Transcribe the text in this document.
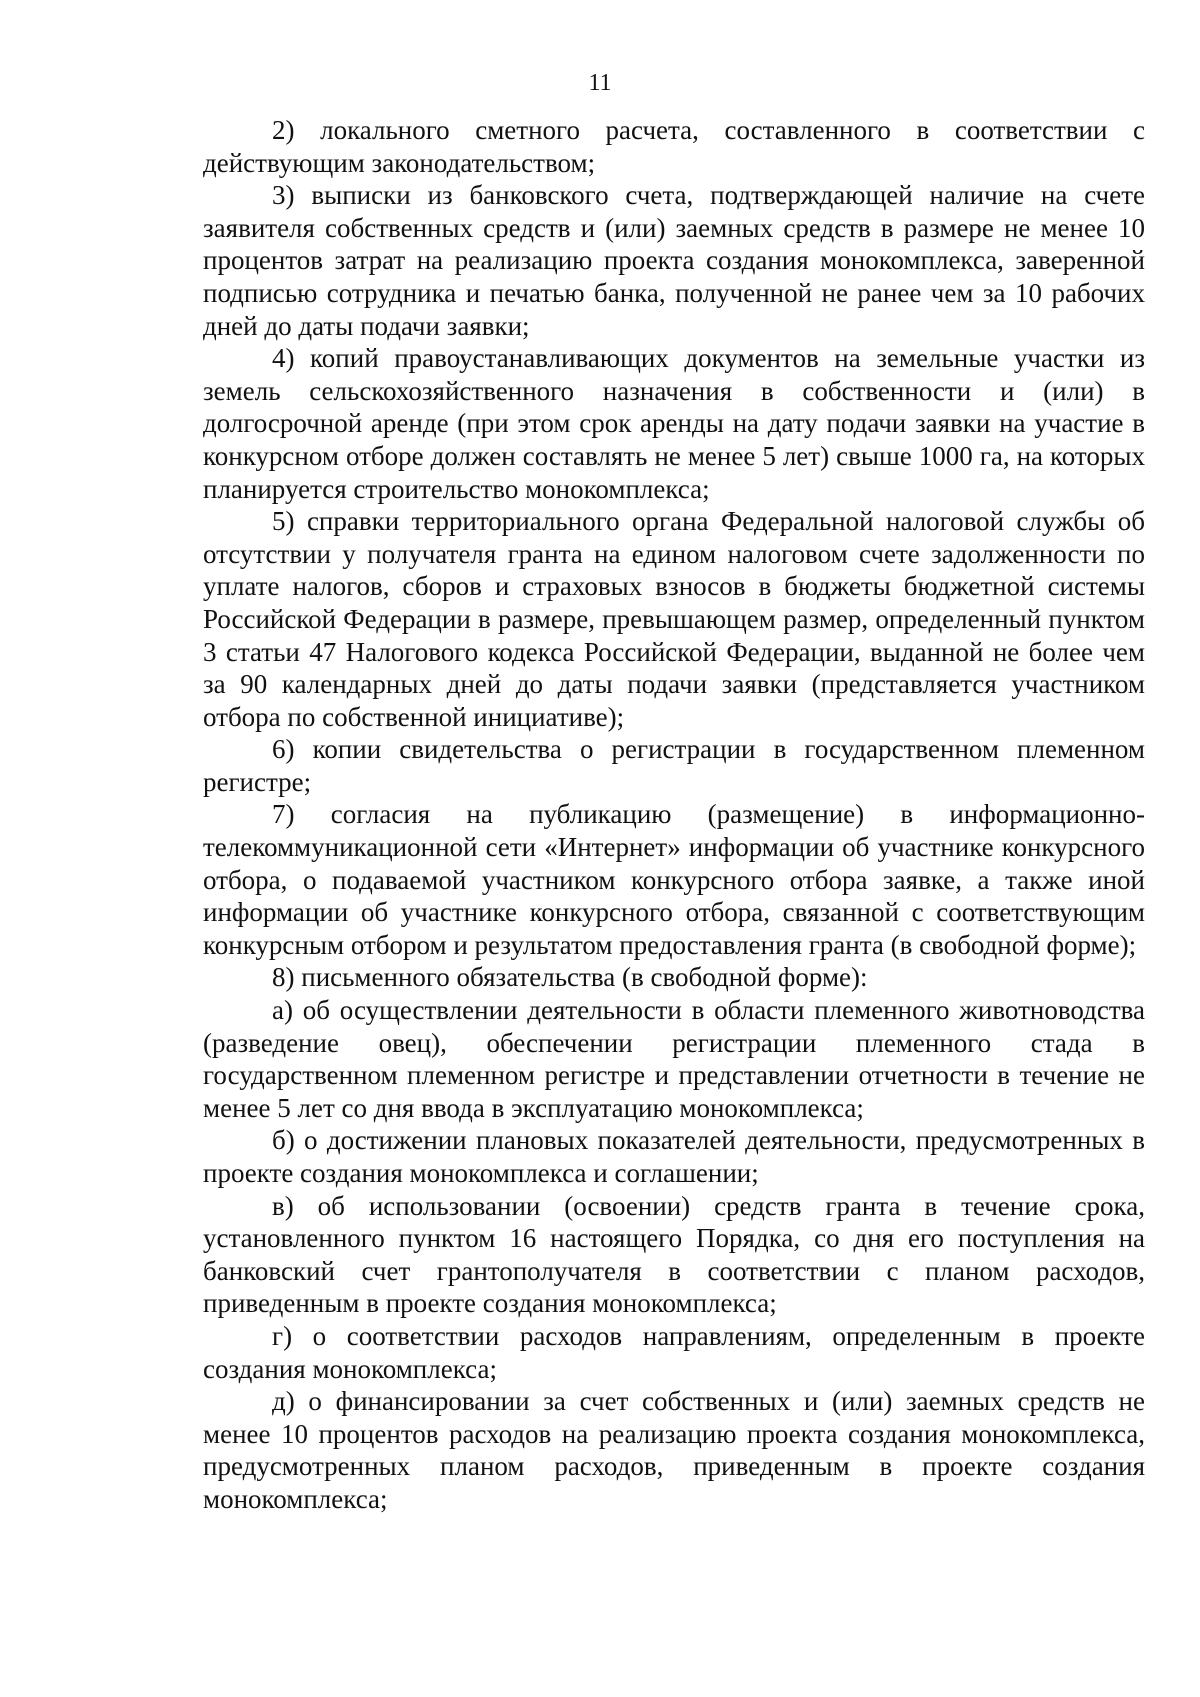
11

2) локального сметного расчета, составленного в соответствии с действующим законодательством;

3) выписки из банковского счета, подтверждающей наличие на счете заявителя собственных средств и (или) заемных средств в размере не менее 10 процентов затрат на реализацию проекта создания монокомплекса, заверенной подписью сотрудника и печатью банка, полученной не ранее чем за 10 рабочих дней до даты подачи заявки;

4) копий правоустанавливающих документов на земельные участки из земель сельскохозяйственного назначения в собственности и (или) в долгосрочной аренде (при этом срок аренды на дату подачи заявки на участие в конкурсном отборе должен составлять не менее 5 лет) свыше 1000 га, на которых планируется строительство монокомплекса;

5) справки территориального органа Федеральной налоговой службы об отсутствии у получателя гранта на едином налоговом счете задолженности по уплате налогов, сборов и страховых взносов в бюджеты бюджетной системы Российской Федерации в размере, превышающем размер, определенный пунктом 3 статьи 47 Налогового кодекса Российской Федерации, выданной не более чем за 90 календарных дней до даты подачи заявки (представляется участником отбора по собственной инициативе);

6) копии свидетельства о регистрации в государственном племенном регистре;

7) согласия на публикацию (размещение) в информационно-телекоммуникационной сети «Интернет» информации об участнике конкурсного отбора, о подаваемой участником конкурсного отбора заявке, а также иной информации об участнике конкурсного отбора, связанной с соответствующим конкурсным отбором и результатом предоставления гранта (в свободной форме);

8) письменного обязательства (в свободной форме):

а) об осуществлении деятельности в области племенного животноводства (разведение овец), обеспечении регистрации племенного стада в государственном племенном регистре и представлении отчетности в течение не менее 5 лет со дня ввода в эксплуатацию монокомплекса;

б) о достижении плановых показателей деятельности, предусмотренных в проекте создания монокомплекса и соглашении;

в) об использовании (освоении) средств гранта в течение срока, установленного пунктом 16 настоящего Порядка, со дня его поступления на банковский счет грантополучателя в соответствии с планом расходов, приведенным в проекте создания монокомплекса;

г) о соответствии расходов направлениям, определенным в проекте создания монокомплекса;

д) о финансировании за счет собственных и (или) заемных средств не менее 10 процентов расходов на реализацию проекта создания монокомплекса, предусмотренных планом расходов, приведенным в проекте создания монокомплекса;
